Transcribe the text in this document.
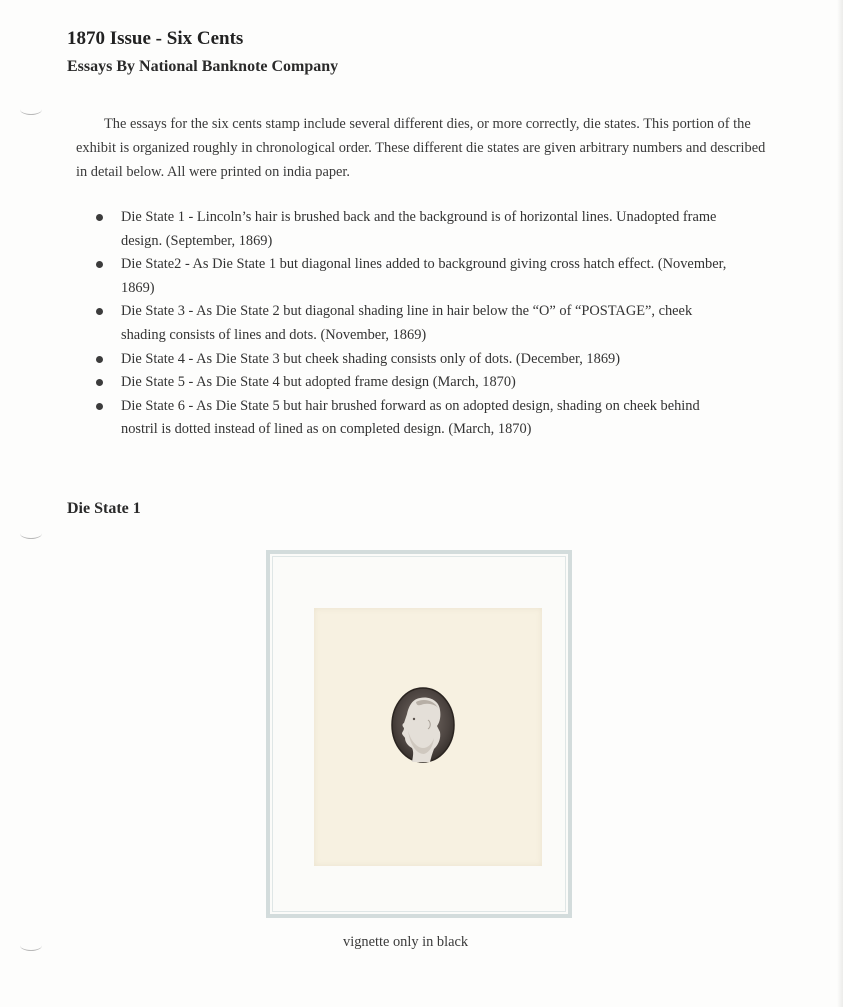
1870 Issue - Six Cents
Essays By National Banknote Company

The essays for the six cents stamp include several different dies, or more correctly, die states. This portion of the exhibit is organized roughly in chronological order. These different die states are given arbitrary numbers and described in detail below. All were printed on india paper.

Die State 1 - Lincoln’s hair is brushed back and the background is of horizontal lines. Unadopted frame design. (September, 1869)
Die State2 - As Die State 1 but diagonal lines added to background giving cross hatch effect. (November, 1869)
Die State 3 - As Die State 2 but diagonal shading line in hair below the “O” of “POSTAGE”, cheek shading consists of lines and dots. (November, 1869)
Die State 4 - As Die State 3 but cheek shading consists only of dots. (December, 1869)
Die State 5 - As Die State 4 but adopted frame design (March, 1870)
Die State 6 - As Die State 5 but hair brushed forward as on adopted design, shading on cheek behind nostril is dotted instead of lined as on completed design. (March, 1870)
Die State 1
vignette only in black
